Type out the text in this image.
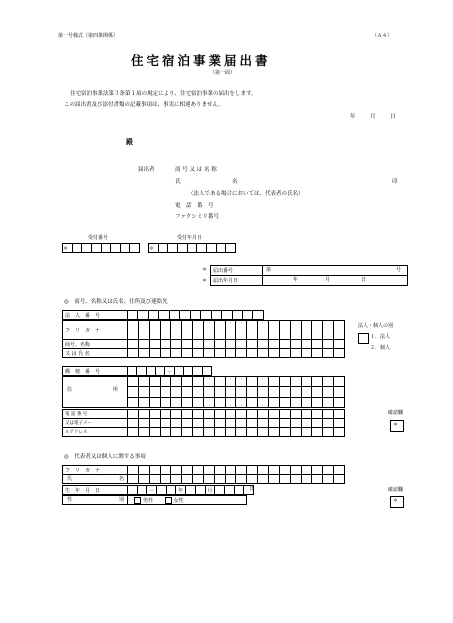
第一号様式（第四条関係）	（Ａ４）
住宅宿泊事業届出書
（第一面）
住宅宿泊事業法第３条第１項の規定により、住宅宿泊事業の届出をします。
この届出書及び添付書類の記載事項は、事実に相違ありません。
年	月	日
殿
届出者	商 号 又 は 名 称
氏	名	印
（法人である場合においては、代表者の氏名）
電　話　番　号
ファクシミリ番号
受付番号	受付年月日
＊								＊								
＊
＊
届出番号	第 号

届出年月日	年 月 日
◎　商号、名称又は氏名、住所及び連絡先
法　人　番　号													
フ　リ　ガ　ナ																				
商号、名称																				
又 は 氏 名																				
郵　便　番　号					－				
住 所																				

電 話 番 号																				
又は電子メー																				
ルアドレス																				
法人・個人の別
１．法人
２．個人
確認欄
＊
◎　代表者又は個人に関する事項
フ　リ　ガ　ナ																				

氏 名																				

生　年　月　日			－			年			月					日
性	別	男性	女性
確認欄
＊
